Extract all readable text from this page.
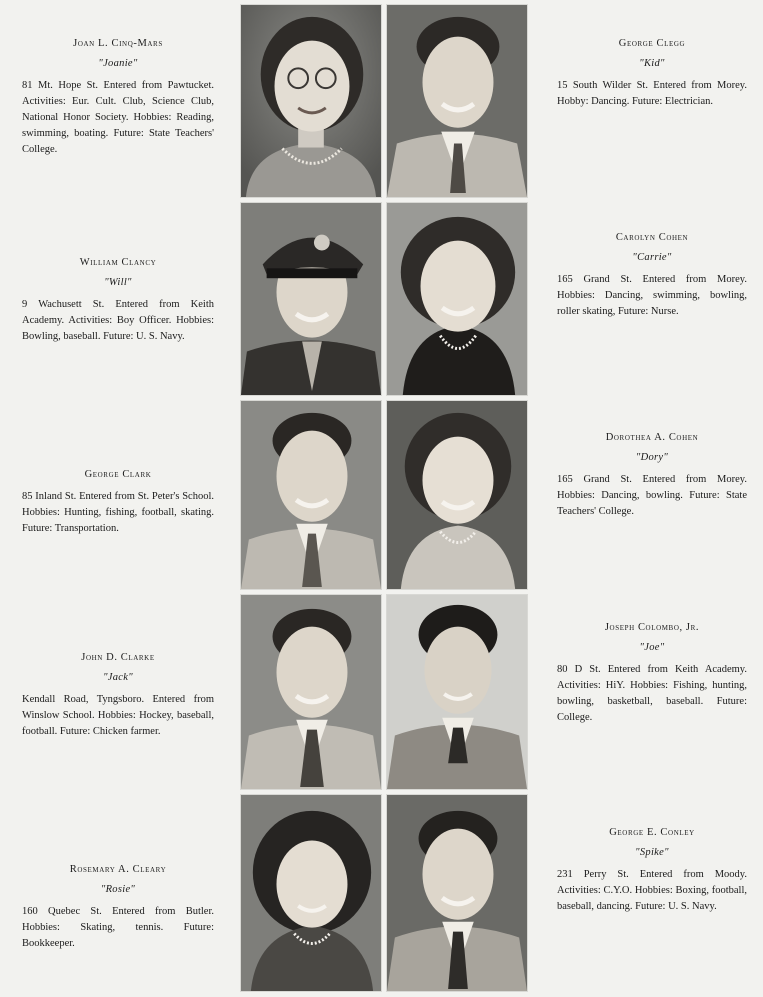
Joan L. Cinq-Mars
"Joanie"
81 Mt. Hope St. Entered from Pawtucket. Activities: Eur. Cult. Club, Science Club, National Honor Society. Hobbies: Reading, swimming, boating. Future: State Teachers' College.
George Clegg
"Kid"
15 South Wilder St. Entered from Morey. Hobby: Dancing. Future: Electrician.
William Clancy
"Will"
9 Wachusett St. Entered from Keith Academy. Activities: Boy Officer. Hobbies: Bowling, baseball. Future: U. S. Navy.
Carolyn Cohen
"Carrie"
165 Grand St. Entered from Morey. Hobbies: Dancing, swimming, bowling, roller skating, Future: Nurse.
George Clark
85 Inland St. Entered from St. Peter's School. Hobbies: Hunting, fishing, football, skating. Future: Transportation.
Dorothea A. Cohen
"Dory"
165 Grand St. Entered from Morey. Hobbies: Dancing, bowling. Future: State Teachers' College.
John D. Clarke
"Jack"
Kendall Road, Tyngsboro. Entered from Winslow School. Hobbies: Hockey, baseball, football. Future: Chicken farmer.
Joseph Colombo, Jr.
"Joe"
80 D St. Entered from Keith Academy. Activities: HiY. Hobbies: Fishing, hunting, bowling, basketball, baseball. Future: College.
Rosemary A. Cleary
"Rosie"
160 Quebec St. Entered from Butler. Hobbies: Skating, tennis. Future: Bookkeeper.
George E. Conley
"Spike"
231 Perry St. Entered from Moody. Activities: C.Y.O. Hobbies: Boxing, football, baseball, dancing. Future: U. S. Navy.
